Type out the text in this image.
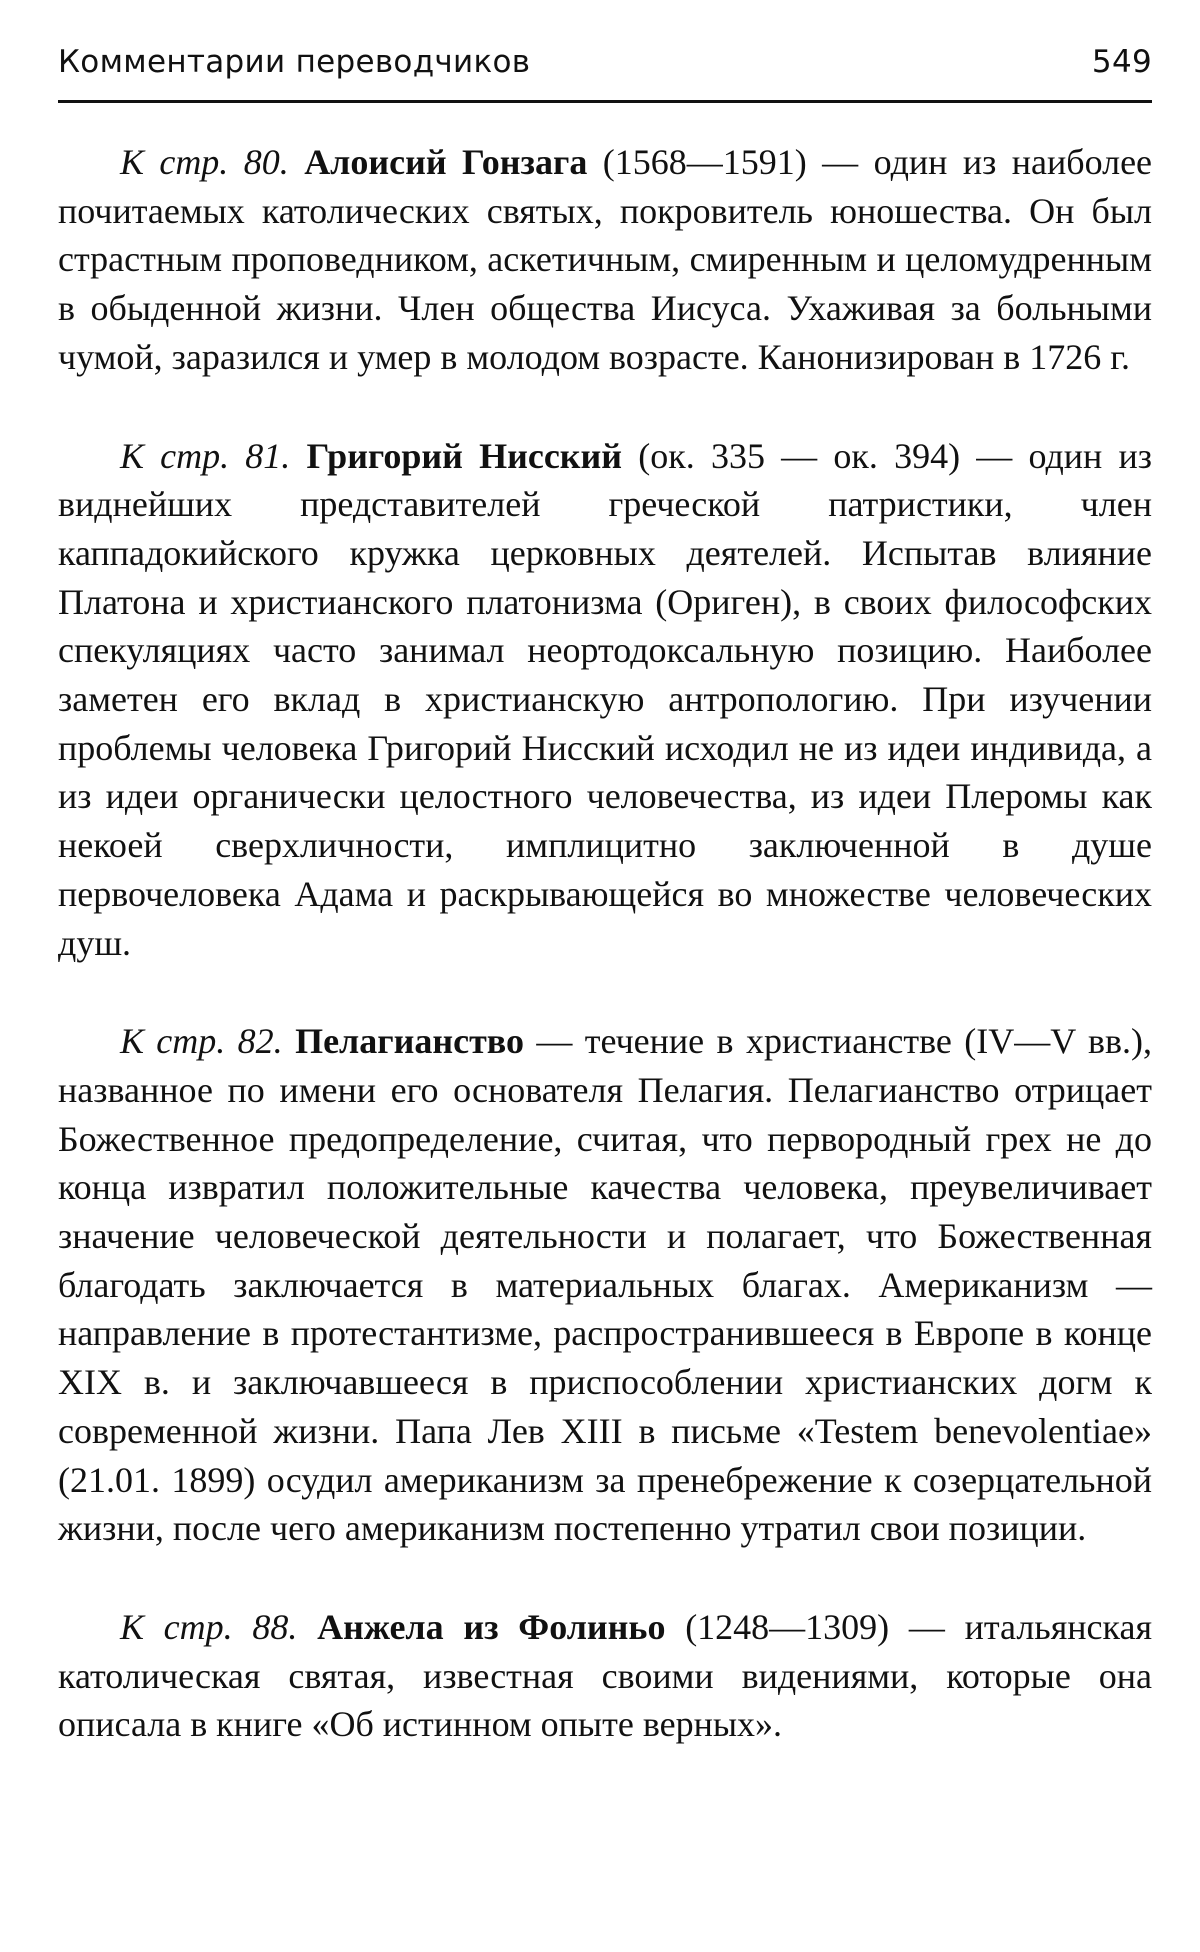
Комментарии переводчиков	549

К стр. 80. Алоисий Гонзага (1568—1591) — один из наиболее почитаемых католических святых, покровитель юношества. Он был страстным проповедником, аскетичным, смиренным и целомудренным в обыденной жизни. Член общества Иисуса. Ухаживая за больными чумой, заразился и умер в молодом возрасте. Канонизирован в 1726 г.

К стр. 81. Григорий Нисский (ок. 335 — ок. 394) — один из виднейших представителей греческой патристики, член каппадокийского кружка церковных деятелей. Испытав влияние Платона и христианского платонизма (Ориген), в своих философских спекуляциях часто занимал неортодоксальную позицию. Наиболее заметен его вклад в христианскую антропологию. При изучении проблемы человека Григорий Нисский исходил не из идеи индивида, а из идеи органически целостного человечества, из идеи Плеромы как некоей сверхличности, имплицитно заключенной в душе первочеловека Адама и раскрывающейся во множестве человеческих душ.

К стр. 82. Пелагианство — течение в христианстве (IV—V вв.), названное по имени его основателя Пелагия. Пелагианство отрицает Божественное предопределение, считая, что первородный грех не до конца извратил положительные качества человека, преувеличивает значение человеческой деятельности и полагает, что Божественная благодать заключается в материальных благах. Американизм — направление в протестантизме, распространившееся в Европе в конце XIX в. и заключавшееся в приспособлении христианских догм к современной жизни. Папа Лев XIII в письме «Testem benevolentiae» (21.01. 1899) осудил американизм за пренебрежение к созерцательной жизни, после чего американизм постепенно утратил свои позиции.

К стр. 88. Анжела из Фолиньо (1248—1309) — итальянская католическая святая, известная своими видениями, которые она описала в книге «Об истинном опыте верных».
